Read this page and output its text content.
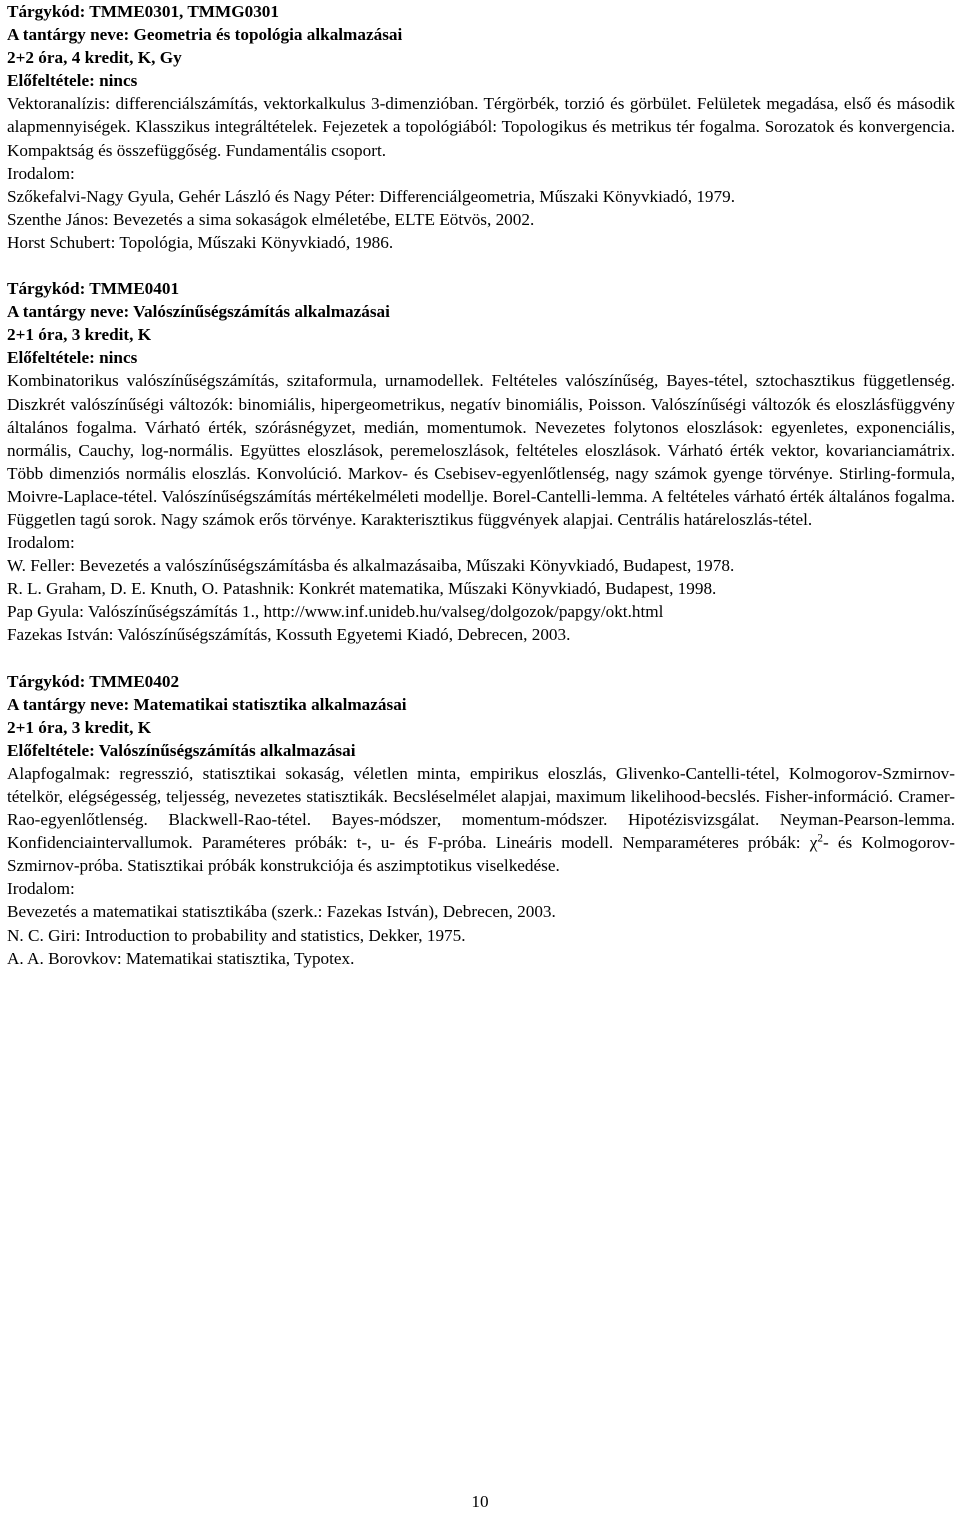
Tárgykód: TMME0301, TMMG0301

A tantárgy neve: Geometria és topológia alkalmazásai

2+2 óra, 4 kredit, K, Gy

Előfeltétele: nincs

Vektoranalízis: differenciálszámítás, vektorkalkulus 3-dimenzióban. Térgörbék, torzió és görbület. Felületek megadása, első és második alapmennyiségek. Klasszikus integráltételek. Fejezetek a topológiából: Topologikus és metrikus tér fogalma. Sorozatok és konvergencia. Kompaktság és összefüggőség. Fundamentális csoport.

Irodalom:

Szőkefalvi-Nagy Gyula, Gehér László és Nagy Péter: Differenciálgeometria, Műszaki Könyvkiadó, 1979.

Szenthe János: Bevezetés a sima sokaságok elméletébe, ELTE Eötvös, 2002.

Horst Schubert: Topológia, Műszaki Könyvkiadó, 1986.

Tárgykód: TMME0401

A tantárgy neve: Valószínűségszámítás alkalmazásai

2+1 óra, 3 kredit, K

Előfeltétele: nincs

Kombinatorikus valószínűségszámítás, szitaformula, urnamodellek. Feltételes valószínűség, Bayes-tétel, sztochasztikus függetlenség. Diszkrét valószínűségi változók: binomiális, hipergeometrikus, negatív binomiális, Poisson. Valószínűségi változók és eloszlásfüggvény általános fogalma. Várható érték, szórásnégyzet, medián, momentumok. Nevezetes folytonos eloszlások: egyenletes, exponenciális, normális, Cauchy, log-normális. Együttes eloszlások, peremeloszlások, feltételes eloszlások. Várható érték vektor, kovarianciamátrix. Több dimenziós normális eloszlás. Konvolúció. Markov- és Csebisev-egyenlőtlenség, nagy számok gyenge törvénye. Stirling-formula, Moivre-Laplace-tétel. Valószínűségszámítás mértékelméleti modellje. Borel-Cantelli-lemma. A feltételes várható érték általános fogalma. Független tagú sorok. Nagy számok erős törvénye. Karakterisztikus függvények alapjai. Centrális határeloszlás-tétel.

Irodalom:

W. Feller: Bevezetés a valószínűségszámításba és alkalmazásaiba, Műszaki Könyvkiadó, Budapest, 1978.

R. L. Graham, D. E. Knuth, O. Patashnik: Konkrét matematika, Műszaki Könyvkiadó, Budapest, 1998.

Pap Gyula: Valószínűségszámítás 1., http://www.inf.unideb.hu/valseg/dolgozok/papgy/okt.html

Fazekas István: Valószínűségszámítás, Kossuth Egyetemi Kiadó, Debrecen, 2003.

Tárgykód: TMME0402

A tantárgy neve: Matematikai statisztika alkalmazásai

2+1 óra, 3 kredit, K

Előfeltétele: Valószínűségszámítás alkalmazásai

Alapfogalmak: regresszió, statisztikai sokaság, véletlen minta, empirikus eloszlás, Glivenko-Cantelli-tétel, Kolmogorov-Szmirnov-tételkör, elégségesség, teljesség, nevezetes statisztikák. Becsléselmélet alapjai, maximum likelihood-becslés. Fisher-információ. Cramer-Rao-egyenlőtlenség. Blackwell-Rao-tétel. Bayes-módszer, momentum-módszer. Hipotézisvizsgálat. Neyman-Pearson-lemma. Konfidenciaintervallumok. Paraméteres próbák: t-, u- és F-próba. Lineáris modell. Nemparaméteres próbák: $\chi^2-$ és Kolmogorov-Szmirnov-próba. Statisztikai próbák konstrukciója és aszimptotikus viselkedése.

Irodalom:

Bevezetés a matematikai statisztikába (szerk.: Fazekas István), Debrecen, 2003.

N. C. Giri: Introduction to probability and statistics, Dekker, 1975.

A. A. Borovkov: Matematikai statisztika, Typotex.

10
